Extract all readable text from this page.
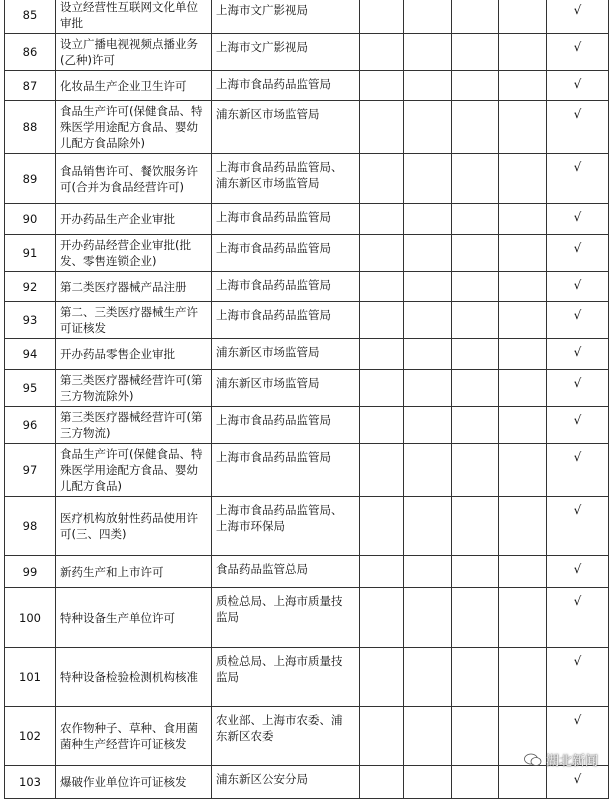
85	设立经营性互联网文化单位审批	上海市文广影视局					√
86	设立广播电视视频点播业务(乙种)许可	上海市文广影视局					√
87	化妆品生产企业卫生许可	上海市食品药品监管局					√
88	食品生产许可(保健食品、特殊医学用途配方食品、婴幼儿配方食品除外)	浦东新区市场监管局					√
89	食品销售许可、餐饮服务许可(合并为食品经营许可)	上海市食品药品监管局、
浦东新区市场监管局					√
90	开办药品生产企业审批	上海市食品药品监管局					√
91	开办药品经营企业审批(批发、零售连锁企业)	上海市食品药品监管局					√
92	第二类医疗器械产品注册	上海市食品药品监管局					√
93	第二、三类医疗器械生产许可证核发	上海市食品药品监管局					√
94	开办药品零售企业审批	浦东新区市场监管局					√
95	第三类医疗器械经营许可(第三方物流除外)	浦东新区市场监管局					√
96	第三类医疗器械经营许可(第三方物流)	上海市食品药品监管局					√
97	食品生产许可(保健食品、特殊医学用途配方食品、婴幼儿配方食品)	上海市食品药品监管局					√
98	医疗机构放射性药品使用许可(三、四类)	上海市食品药品监管局、
上海市环保局					√
99	新药生产和上市许可	食品药品监管总局					√
100	特种设备生产单位许可	质检总局、上海市质量技
监局					√
101	特种设备检验检测机构核准	质检总局、上海市质量技
监局					√
102	农作物种子、草种、食用菌菌种生产经营许可证核发	农业部、上海市农委、浦
东新区农委					√
103	爆破作业单位许可证核发	浦东新区公安分局					√
湖北新闻
